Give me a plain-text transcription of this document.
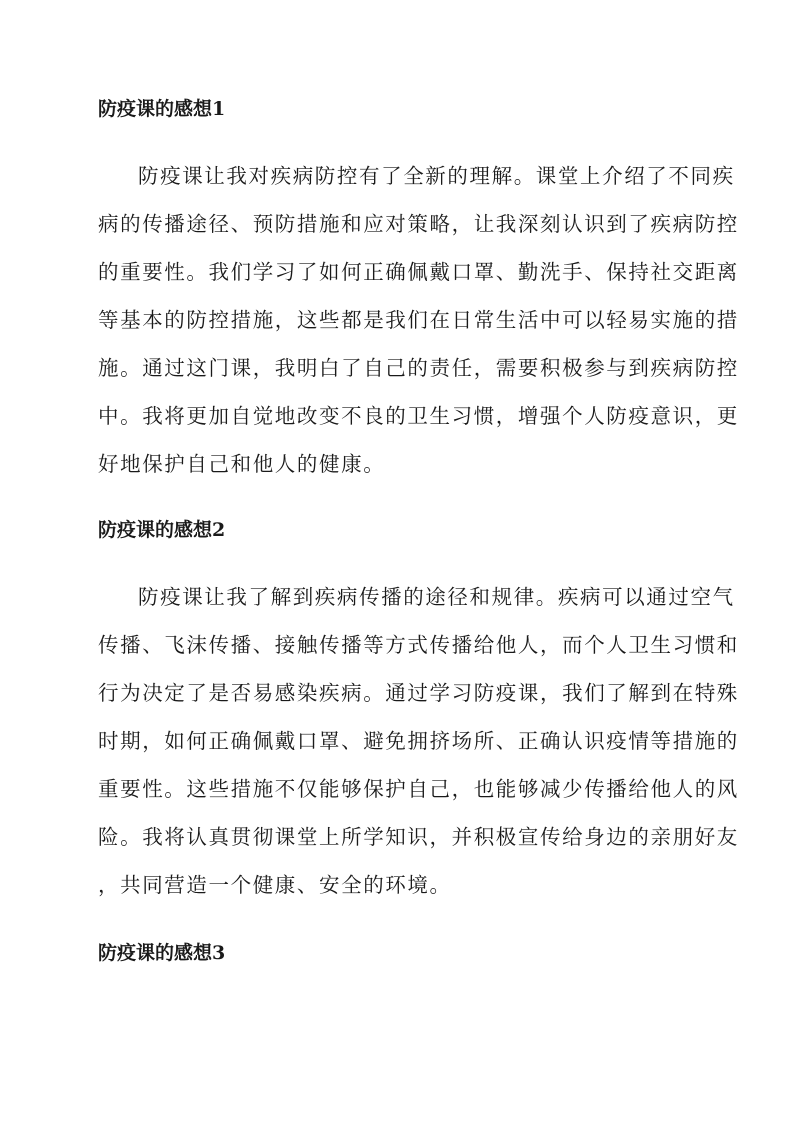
防疫课的感想1
防疫课让我对疾病防控有了全新的理解。课堂上介绍了不同疾
病的传播途径、预防措施和应对策略，让我深刻认识到了疾病防控
的重要性。我们学习了如何正确佩戴口罩、勤洗手、保持社交距离
等基本的防控措施，这些都是我们在日常生活中可以轻易实施的措
施。通过这门课，我明白了自己的责任，需要积极参与到疾病防控
中。我将更加自觉地改变不良的卫生习惯，增强个人防疫意识，更
好地保护自己和他人的健康。
防疫课的感想2
防疫课让我了解到疾病传播的途径和规律。疾病可以通过空气
传播、飞沫传播、接触传播等方式传播给他人，而个人卫生习惯和
行为决定了是否易感染疾病。通过学习防疫课，我们了解到在特殊
时期，如何正确佩戴口罩、避免拥挤场所、正确认识疫情等措施的
重要性。这些措施不仅能够保护自己，也能够减少传播给他人的风
险。我将认真贯彻课堂上所学知识，并积极宣传给身边的亲朋好友
，共同营造一个健康、安全的环境。
防疫课的感想3
